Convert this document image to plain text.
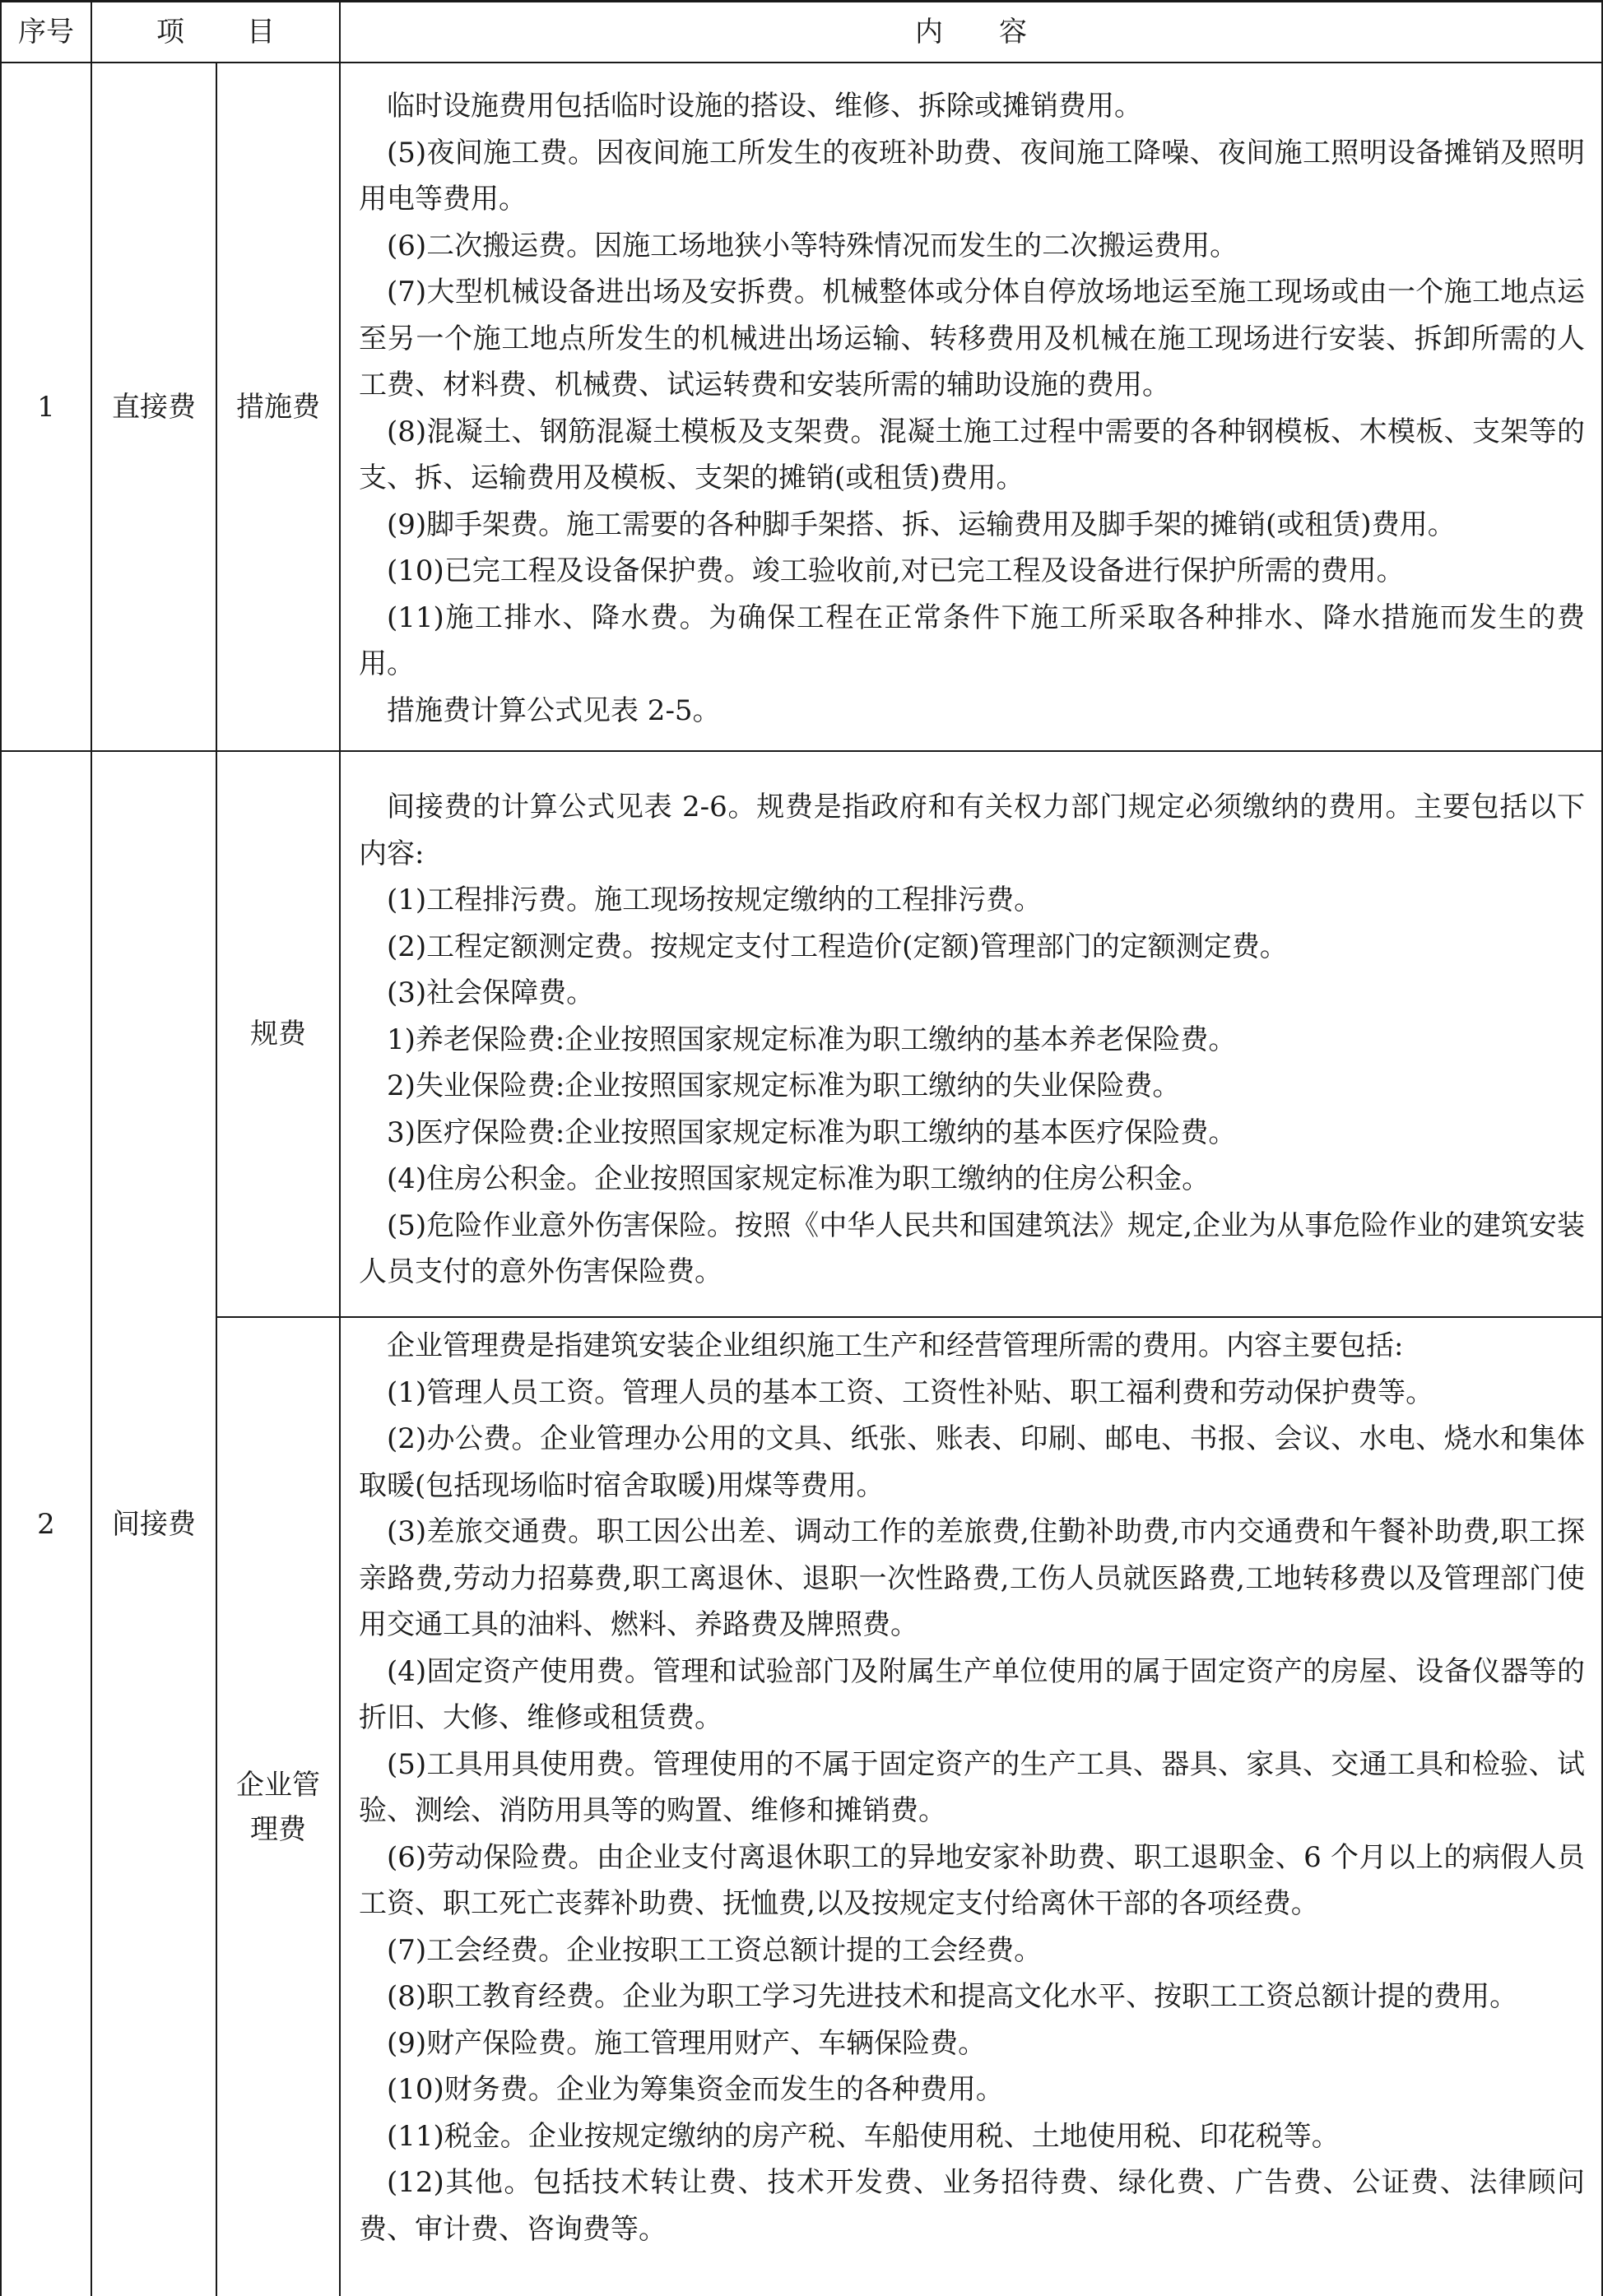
序号	项 目	内 容
1 直接费 措施费

临时设施费用包括临时设施的搭设、维修、拆除或摊销费用。

(5)夜间施工费。因夜间施工所发生的夜班补助费、夜间施工降噪、夜间施工照明设备摊销及照明用电等费用。

(6)二次搬运费。因施工场地狭小等特殊情况而发生的二次搬运费用。

(7)大型机械设备进出场及安拆费。机械整体或分体自停放场地运至施工现场或由一个施工地点运至另一个施工地点所发生的机械进出场运输、转移费用及机械在施工现场进行安装、拆卸所需的人工费、材料费、机械费、试运转费和安装所需的辅助设施的费用。

(8)混凝土、钢筋混凝土模板及支架费。混凝土施工过程中需要的各种钢模板、木模板、支架等的支、拆、运输费用及模板、支架的摊销(或租赁)费用。

(9)脚手架费。施工需要的各种脚手架搭、拆、运输费用及脚手架的摊销(或租赁)费用。

(10)已完工程及设备保护费。竣工验收前,对已完工程及设备进行保护所需的费用。

(11)施工排水、降水费。为确保工程在正常条件下施工所采取各种排水、降水措施而发生的费用。

措施费计算公式见表 2-5。

2 间接费
规费

间接费的计算公式见表 2-6。规费是指政府和有关权力部门规定必须缴纳的费用。主要包括以下内容:

(1)工程排污费。施工现场按规定缴纳的工程排污费。

(2)工程定额测定费。按规定支付工程造价(定额)管理部门的定额测定费。

(3)社会保障费。

1)养老保险费:企业按照国家规定标准为职工缴纳的基本养老保险费。

2)失业保险费:企业按照国家规定标准为职工缴纳的失业保险费。

3)医疗保险费:企业按照国家规定标准为职工缴纳的基本医疗保险费。

(4)住房公积金。企业按照国家规定标准为职工缴纳的住房公积金。

(5)危险作业意外伤害保险。按照《中华人民共和国建筑法》规定,企业为从事危险作业的建筑安装人员支付的意外伤害保险费。

企业管
理费

企业管理费是指建筑安装企业组织施工生产和经营管理所需的费用。内容主要包括:

(1)管理人员工资。管理人员的基本工资、工资性补贴、职工福利费和劳动保护费等。

(2)办公费。企业管理办公用的文具、纸张、账表、印刷、邮电、书报、会议、水电、烧水和集体取暖(包括现场临时宿舍取暖)用煤等费用。

(3)差旅交通费。职工因公出差、调动工作的差旅费,住勤补助费,市内交通费和午餐补助费,职工探亲路费,劳动力招募费,职工离退休、退职一次性路费,工伤人员就医路费,工地转移费以及管理部门使用交通工具的油料、燃料、养路费及牌照费。

(4)固定资产使用费。管理和试验部门及附属生产单位使用的属于固定资产的房屋、设备仪器等的折旧、大修、维修或租赁费。

(5)工具用具使用费。管理使用的不属于固定资产的生产工具、器具、家具、交通工具和检验、试验、测绘、消防用具等的购置、维修和摊销费。

(6)劳动保险费。由企业支付离退休职工的异地安家补助费、职工退职金、6 个月以上的病假人员工资、职工死亡丧葬补助费、抚恤费,以及按规定支付给离休干部的各项经费。

(7)工会经费。企业按职工工资总额计提的工会经费。

(8)职工教育经费。企业为职工学习先进技术和提高文化水平、按职工工资总额计提的费用。

(9)财产保险费。施工管理用财产、车辆保险费。

(10)财务费。企业为筹集资金而发生的各种费用。

(11)税金。企业按规定缴纳的房产税、车船使用税、土地使用税、印花税等。

(12)其他。包括技术转让费、技术开发费、业务招待费、绿化费、广告费、公证费、法律顾问费、审计费、咨询费等。
